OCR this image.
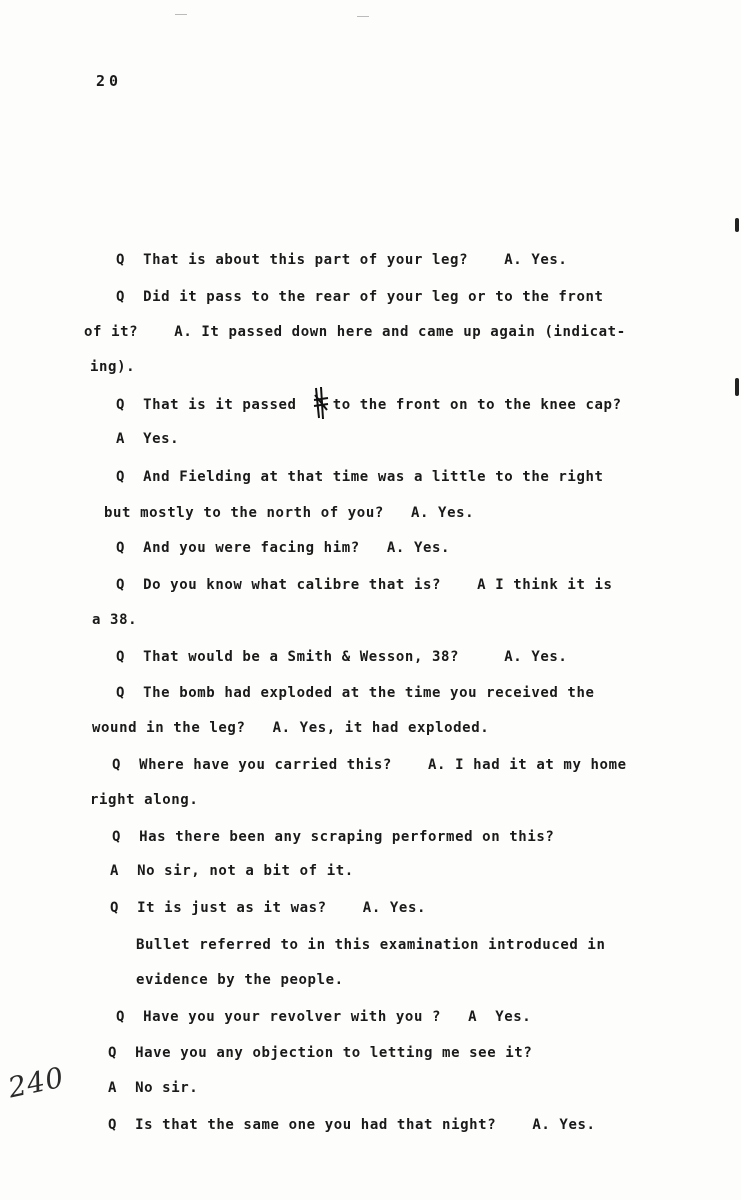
20
Q  That is about this part of your leg?    A. Yes.
Q  Did it pass to the rear of your leg or to the front
of it?    A. It passed down here and came up again (indicat-
ing).
Q  That is it passed    to the front on to the knee cap?
A  Yes.
Q  And Fielding at that time was a little to the right
but mostly to the north of you?   A. Yes.
Q  And you were facing him?   A. Yes.
Q  Do you know what calibre that is?    A I think it is
a 38.
Q  That would be a Smith & Wesson, 38?     A. Yes.
Q  The bomb had exploded at the time you received the
wound in the leg?   A. Yes, it had exploded.
Q  Where have you carried this?    A. I had it at my home
right along.
Q  Has there been any scraping performed on this?
A  No sir, not a bit of it.
Q  It is just as it was?    A. Yes.
Bullet referred to in this examination introduced in
evidence by the people.
Q  Have you your revolver with you ?   A  Yes.
Q  Have you any objection to letting me see it?
A  No sir.
Q  Is that the same one you had that night?    A. Yes.
240
